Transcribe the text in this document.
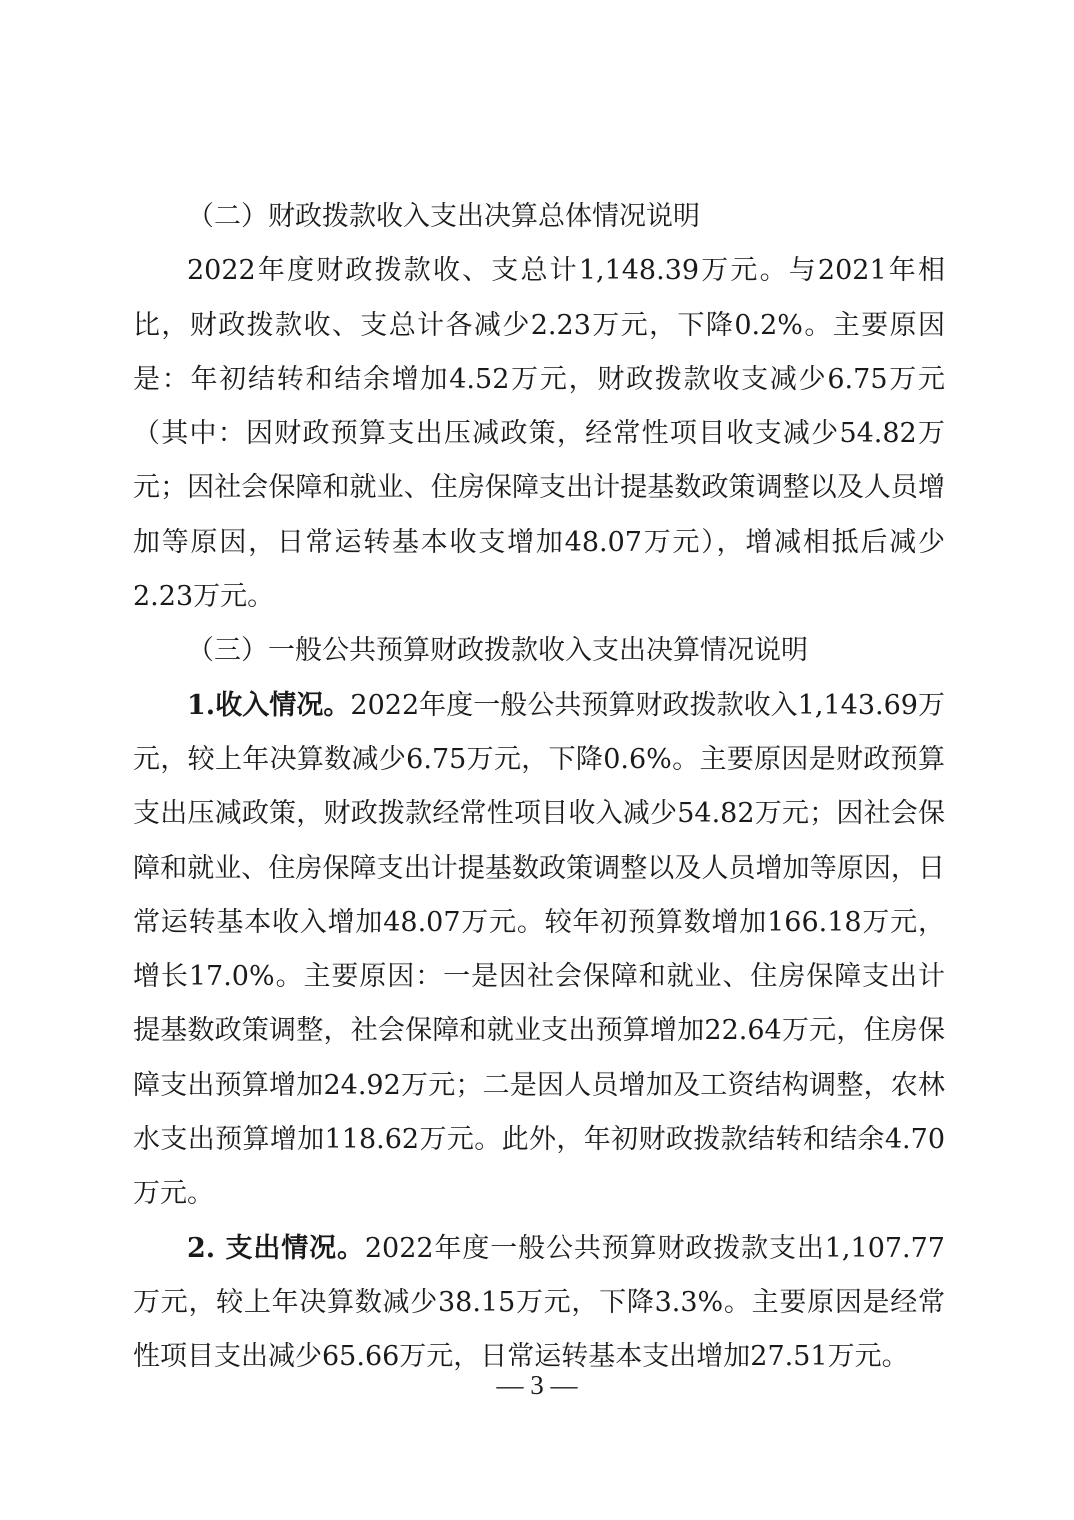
（二）财政拨款收入支出决算总体情况说明

2022年度财政拨款收、支总计1,148.39万元。与2021年相比，财政拨款收、支总计各减少2.23万元，下降0.2%。主要原因是：年初结转和结余增加4.52万元，财政拨款收支减少6.75万元（其中：因财政预算支出压减政策，经常性项目收支减少54.82万元；因社会保障和就业、住房保障支出计提基数政策调整以及人员增加等原因，日常运转基本收支增加48.07万元），增减相抵后减少2.23万元。

（三）一般公共预算财政拨款收入支出决算情况说明

1.收入情况。2022年度一般公共预算财政拨款收入1,143.69万元，较上年决算数减少6.75万元，下降0.6%。主要原因是财政预算支出压减政策，财政拨款经常性项目收入减少54.82万元；因社会保障和就业、住房保障支出计提基数政策调整以及人员增加等原因，日常运转基本收入增加48.07万元。较年初预算数增加166.18万元，增长17.0%。主要原因：一是因社会保障和就业、住房保障支出计提基数政策调整，社会保障和就业支出预算增加22.64万元，住房保障支出预算增加24.92万元；二是因人员增加及工资结构调整，农林水支出预算增加118.62万元。此外，年初财政拨款结转和结余4.70万元。

2. 支出情况。2022年度一般公共预算财政拨款支出1,107.77万元，较上年决算数减少38.15万元，下降3.3%。主要原因是经常性项目支出减少65.66万元，日常运转基本支出增加27.51万元。

— 3 —
